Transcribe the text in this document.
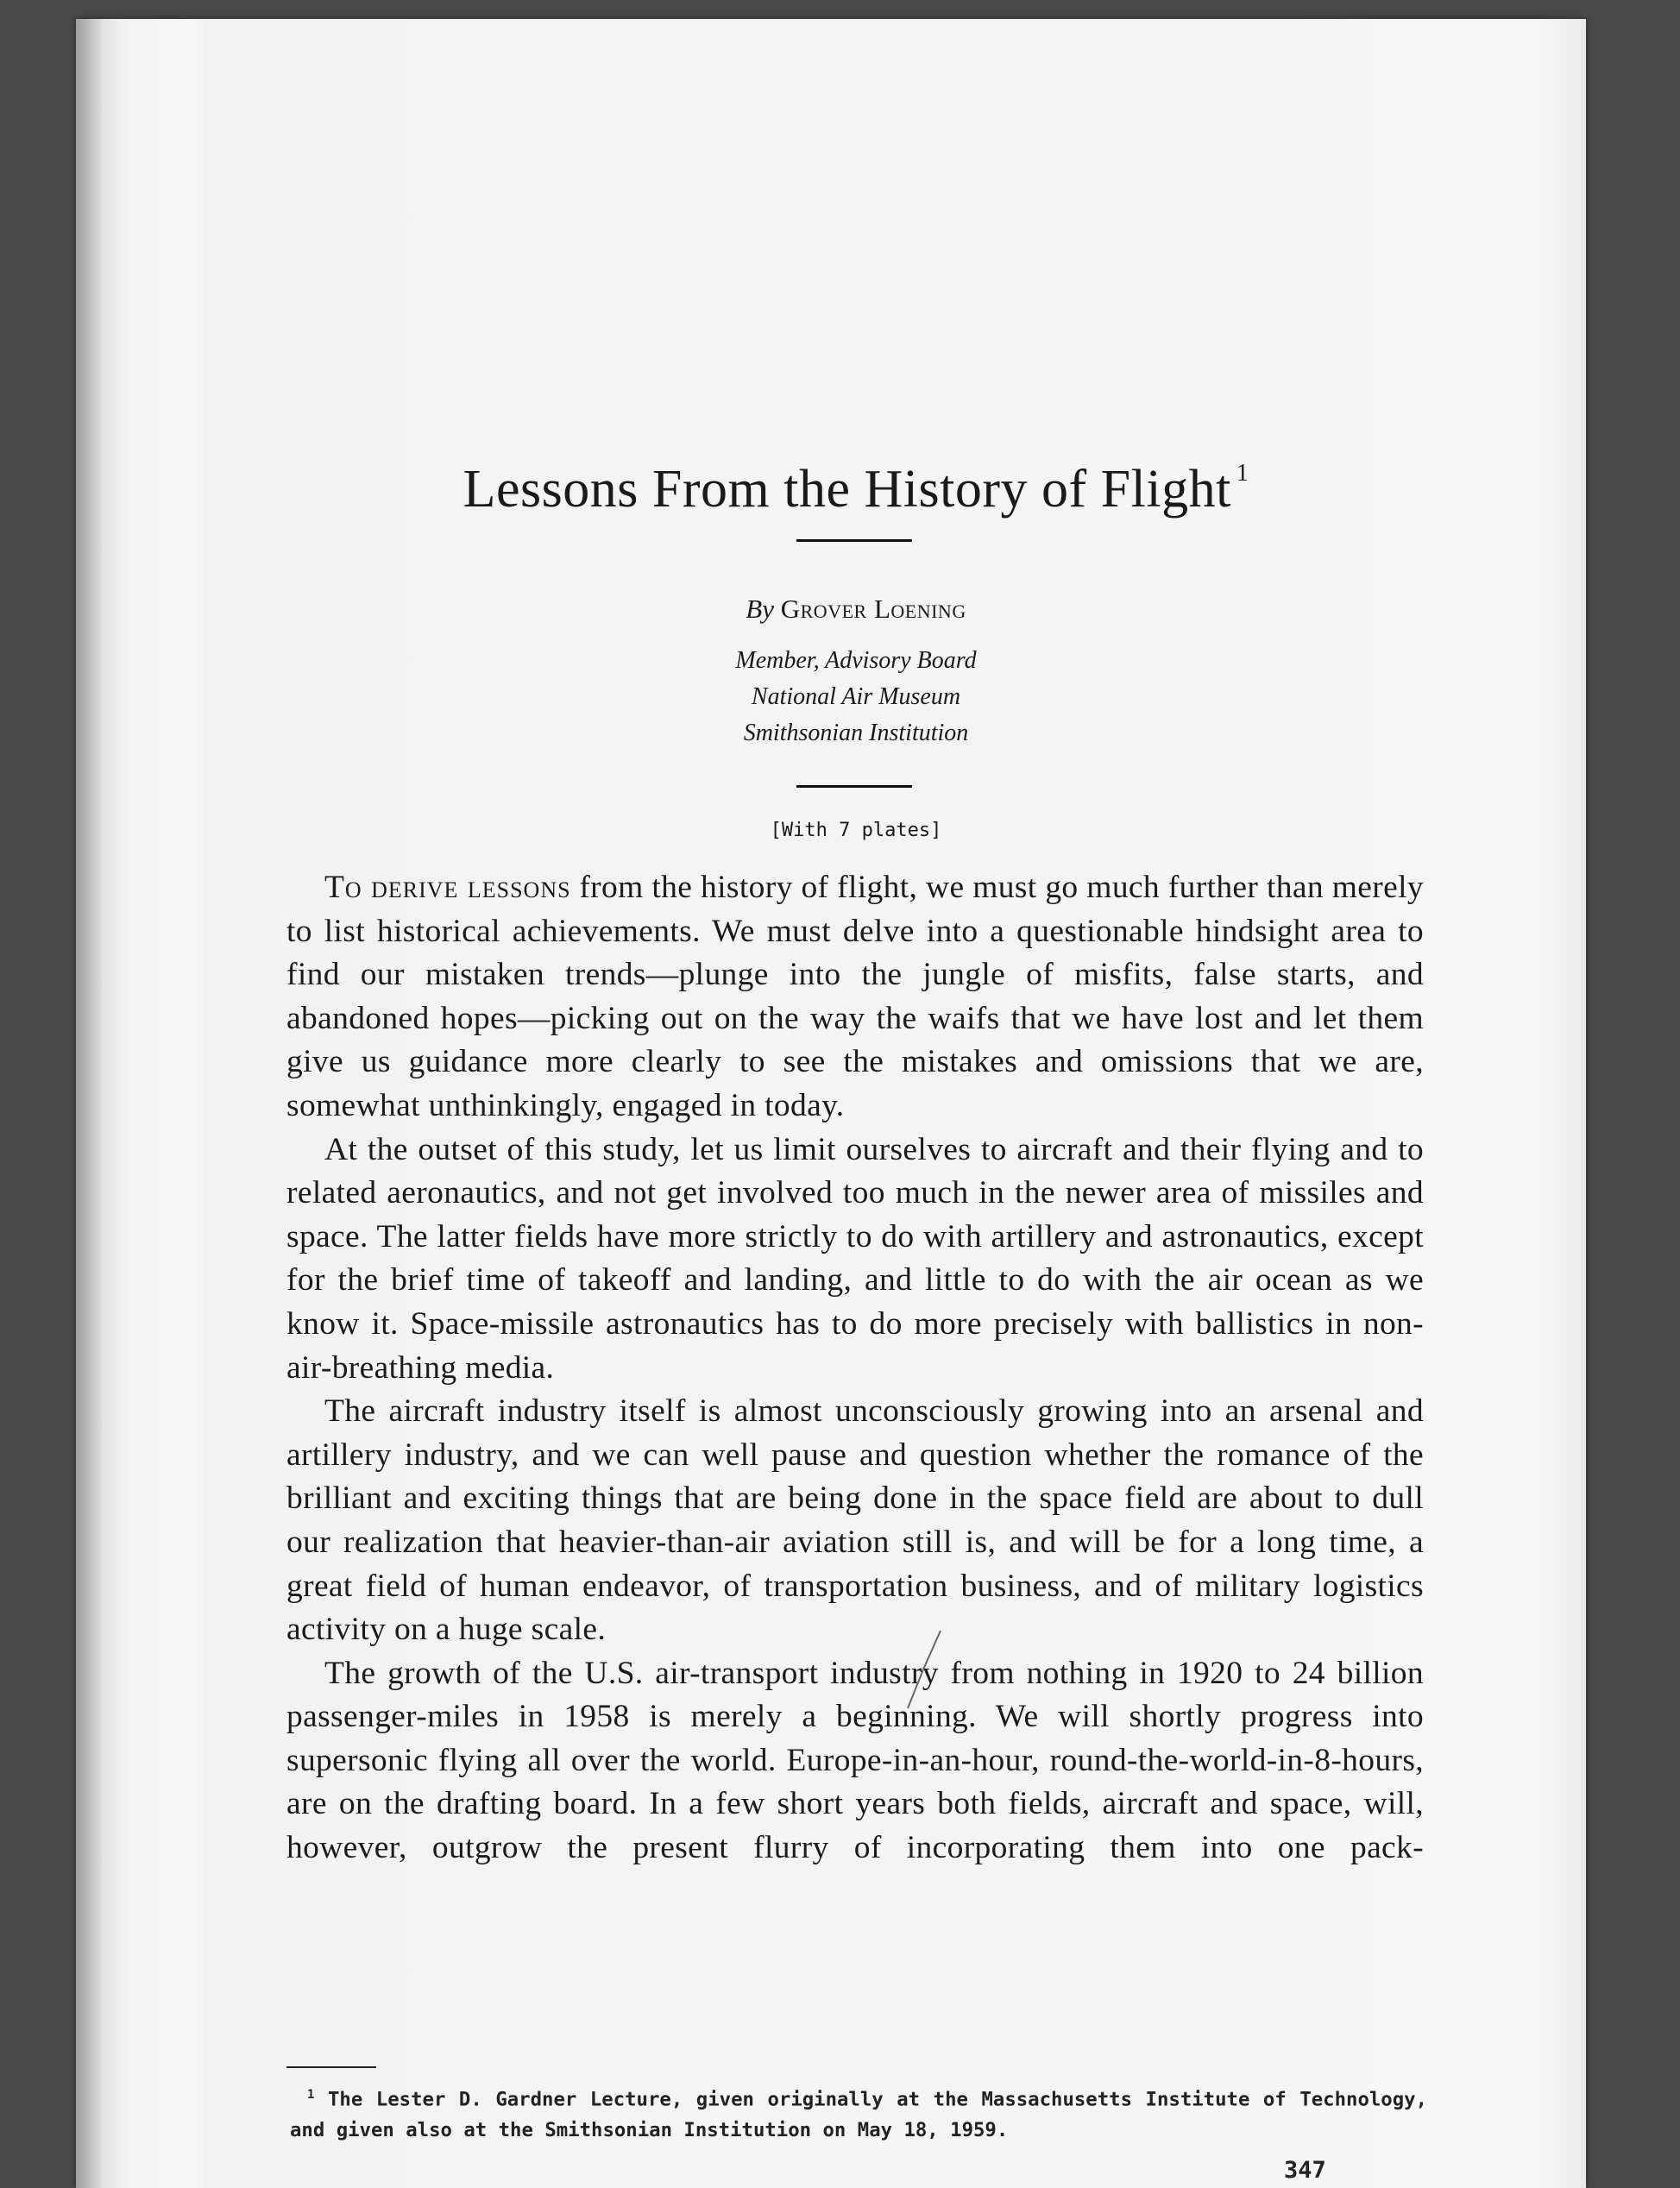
Lessons From the History of Flight $^1$
By Grover Loening
Member, Advisory Board
National Air Museum
Smithsonian Institution
[With 7 plates]

To derive lessons from the history of flight, we must go much further than merely to list historical achievements. We must delve into a questionable hindsight area to find our mistaken trends—plunge into the jungle of misfits, false starts, and abandoned hopes—picking out on the way the waifs that we have lost and let them give us guidance more clearly to see the mistakes and omissions that we are, somewhat unthinkingly, engaged in today.

At the outset of this study, let us limit ourselves to aircraft and their flying and to related aeronautics, and not get involved too much in the newer area of missiles and space. The latter fields have more strictly to do with artillery and astronautics, except for the brief time of takeoff and landing, and little to do with the air ocean as we know it. Space-missile astronautics has to do more precisely with ballistics in non-air-breathing media.

The aircraft industry itself is almost unconsciously growing into an arsenal and artillery industry, and we can well pause and question whether the romance of the brilliant and exciting things that are being done in the space field are about to dull our realization that heavier-than-air aviation still is, and will be for a long time, a great field of human endeavor, of transportation business, and of military logistics activity on a huge scale.

The growth of the U.S. air-transport industry from nothing in 1920 to 24 billion passenger-miles in 1958 is merely a beginning. We will shortly progress into supersonic flying all over the world. Europe-in-an-hour, round-the-world-in-8-hours, are on the drafting board. In a few short years both fields, aircraft and space, will, however, outgrow the present flurry of incorporating them into one pack-

$^1$ The Lester D. Gardner Lecture, given originally at the Massachusetts Institute of Technology, and given also at the Smithsonian Institution on May 18, 1959.
347
